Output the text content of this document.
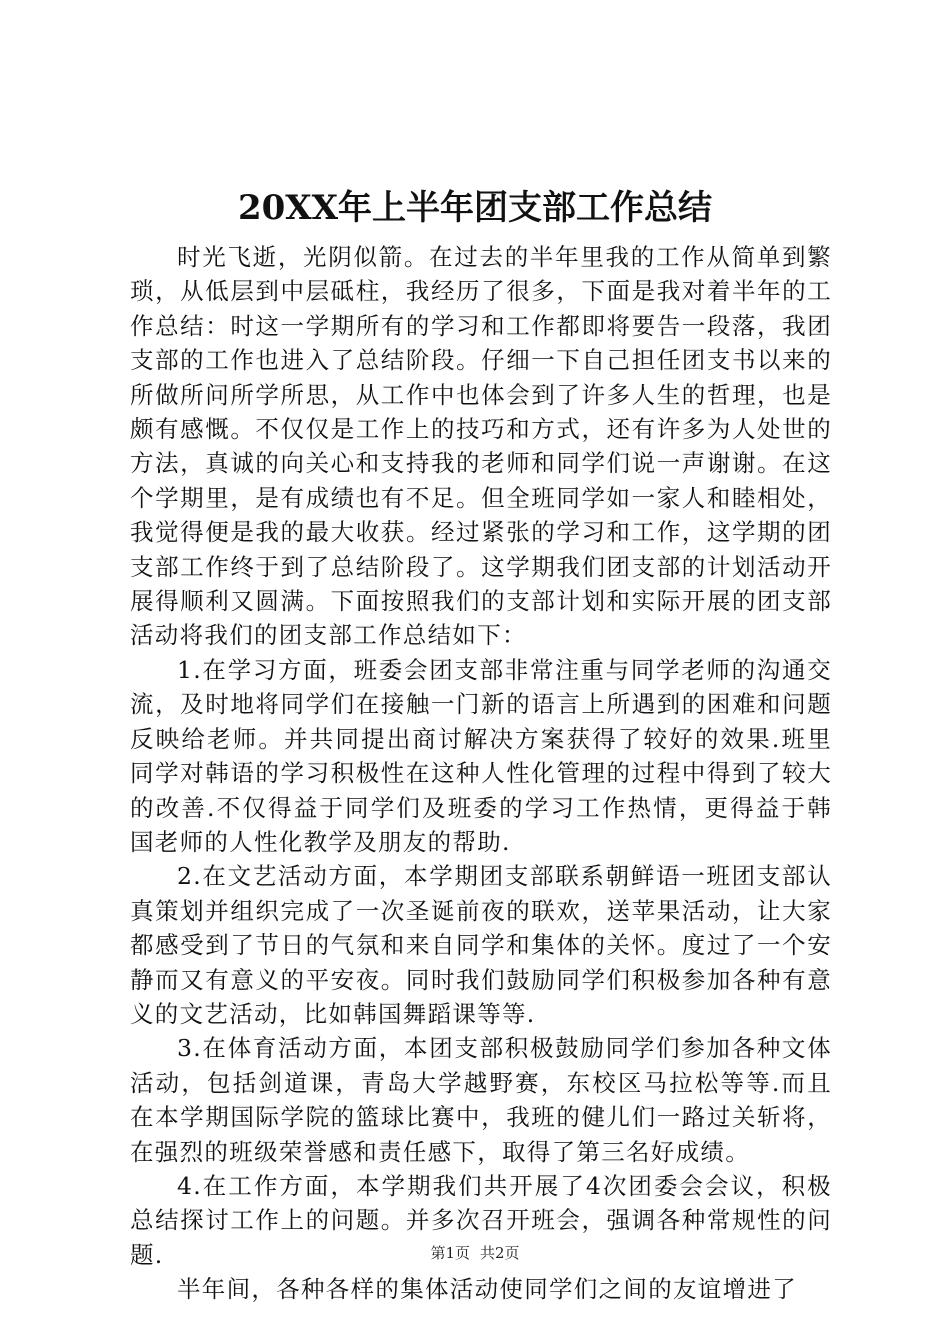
20XX年上半年团支部工作总结

时光飞逝，光阴似箭。在过去的半年里我的工作从简单到繁琐，从低层到中层砥柱，我经历了很多，下面是我对着半年的工作总结：时这一学期所有的学习和工作都即将要告一段落，我团支部的工作也进入了总结阶段。仔细一下自己担任团支书以来的所做所问所学所思，从工作中也体会到了许多人生的哲理，也是颇有感慨。不仅仅是工作上的技巧和方式，还有许多为人处世的方法，真诚的向关心和支持我的老师和同学们说一声谢谢。在这个学期里，是有成绩也有不足。但全班同学如一家人和睦相处，我觉得便是我的最大收获。经过紧张的学习和工作，这学期的团支部工作终于到了总结阶段了。这学期我们团支部的计划活动开展得顺利又圆满。下面按照我们的支部计划和实际开展的团支部活动将我们的团支部工作总结如下：

1.在学习方面，班委会团支部非常注重与同学老师的沟通交流，及时地将同学们在接触一门新的语言上所遇到的困难和问题反映给老师。并共同提出商讨解决方案获得了较好的效果.班里同学对韩语的学习积极性在这种人性化管理的过程中得到了较大的改善.不仅得益于同学们及班委的学习工作热情，更得益于韩国老师的人性化教学及朋友的帮助.

2.在文艺活动方面，本学期团支部联系朝鲜语一班团支部认真策划并组织完成了一次圣诞前夜的联欢，送苹果活动，让大家都感受到了节日的气氛和来自同学和集体的关怀。度过了一个安静而又有意义的平安夜。同时我们鼓励同学们积极参加各种有意义的文艺活动，比如韩国舞蹈课等等.

3.在体育活动方面，本团支部积极鼓励同学们参加各种文体活动，包括剑道课，青岛大学越野赛，东校区马拉松等等.而且在本学期国际学院的篮球比赛中，我班的健儿们一路过关斩将，在强烈的班级荣誉感和责任感下，取得了第三名好成绩。

4.在工作方面，本学期我们共开展了4次团委会会议，积极总结探讨工作上的问题。并多次召开班会，强调各种常规性的问题.

半年间，各种各样的集体活动使同学们之间的友谊增进了

第1页 共2页
